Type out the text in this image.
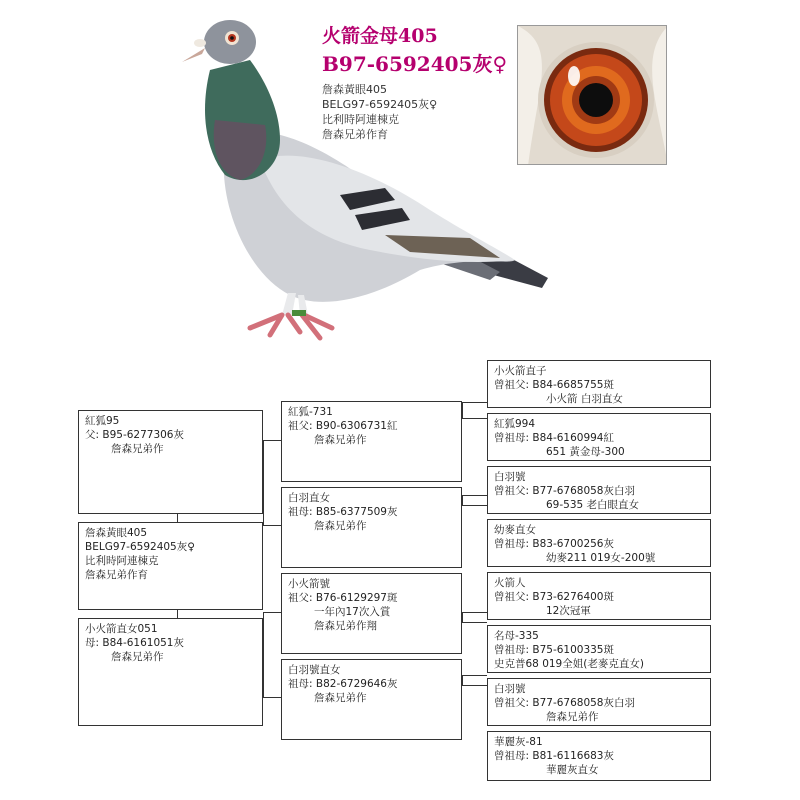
火箭金母405
B97-6592405灰♀
詹森黃眼405
BELG97-6592405灰♀
比利時阿連棟克
詹森兄弟作育
紅狐95
父: B95-6277306灰
詹森兄弟作
詹森黃眼405
BELG97-6592405灰♀
比利時阿連棟克
詹森兄弟作育
小火箭直女051
母: B84-6161051灰
詹森兄弟作
紅狐-731
祖父: B90-6306731紅
詹森兄弟作
白羽直女
祖母: B85-6377509灰
詹森兄弟作
小火箭號
祖父: B76-6129297斑
一年內17次入賞
詹森兄弟作翔
白羽號直女
祖母: B82-6729646灰
詹森兄弟作
小火箭直子
曾祖父: B84-6685755斑
小火箭 白羽直女
紅狐994
曾祖母: B84-6160994紅
651 黃金母-300
白羽號
曾祖父: B77-6768058灰白羽
69-535 老白眼直女
幼麥直女
曾祖母: B83-6700256灰
幼麥211 019女-200號
火箭人
曾祖父: B73-6276400斑
12次冠軍
名母-335
曾祖母: B75-6100335斑
史克普68 019全姐(老麥克直女)
白羽號
曾祖父: B77-6768058灰白羽
詹森兄弟作
華麗灰-81
曾祖母: B81-6116683灰
華麗灰直女
